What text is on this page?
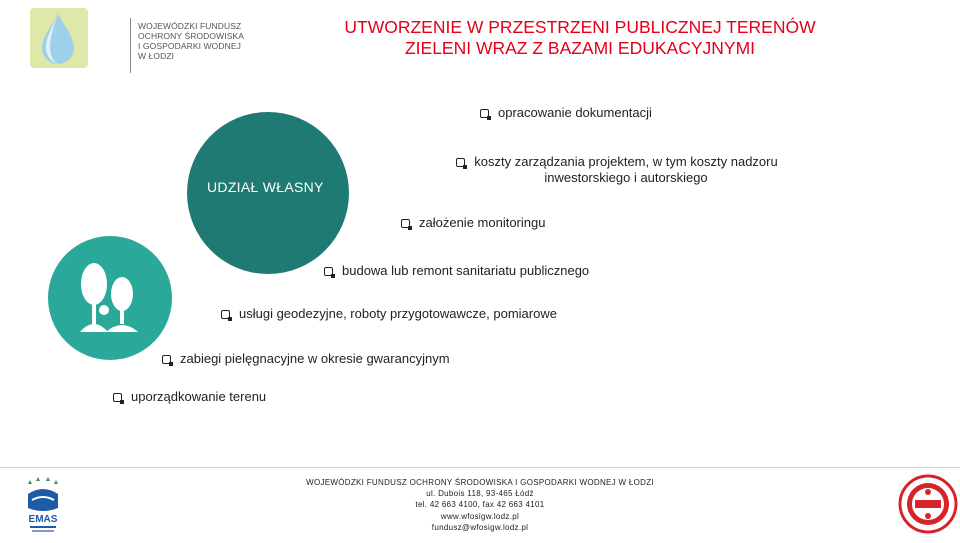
WOJEWÓDZKI FUNDUSZ
OCHRONY ŚRODOWISKA
I GOSPODARKI WODNEJ
W ŁODZI
UTWORZENIE W PRZESTRZENI PUBLICZNEJ TERENÓW
ZIELENI WRAZ Z BAZAMI EDUKACYJNYMI
UDZIAŁ WŁASNY
opracowanie dokumentacji
koszty zarządzania projektem, w tym koszty nadzoru
inwestorskiego i autorskiego
założenie monitoringu
budowa lub remont sanitariatu publicznego
usługi geodezyjne, roboty przygotowawcze, pomiarowe
zabiegi pielęgnacyjne w okresie gwarancyjnym
uporządkowanie terenu
EMAS
WOJEWÓDZKI FUNDUSZ OCHRONY ŚRODOWISKA I GOSPODARKI WODNEJ W ŁODZI
ul. Dubois 118, 93-465 Łódź
tel. 42 663 4100, fax 42 663 4101
www.wfosigw.lodz.pl
fundusz@wfosigw.lodz.pl
